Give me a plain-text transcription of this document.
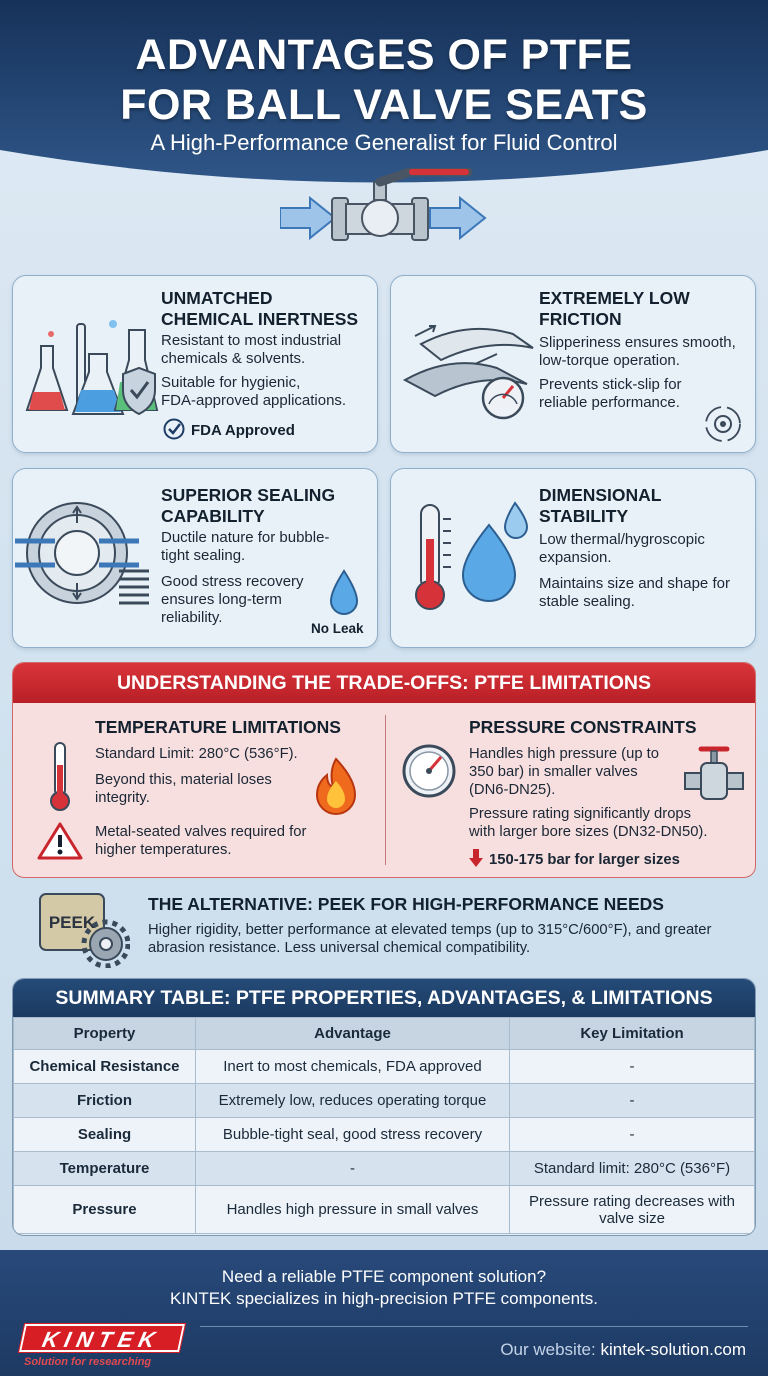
ADVANTAGES OF PTFE
FOR BALL VALVE SEATS
A High-Performance Generalist for Fluid Control
UNMATCHED
CHEMICAL INERTNESS

Resistant to most industrial
chemicals & solvents.

Suitable for hygienic,
FDA-approved applications.

FDA Approved
EXTREMELY LOW
FRICTION

Slipperiness ensures smooth,
low-torque operation.

Prevents stick-slip for
reliable performance.

SUPERIOR SEALING
CAPABILITY

Ductile nature for bubble-
tight sealing.

Good stress recovery
ensures long-term
reliability.

No Leak
DIMENSIONAL
STABILITY

Low thermal/hygroscopic
expansion.

Maintains size and shape for
stable sealing.

UNDERSTANDING THE TRADE-OFFS: PTFE LIMITATIONS
TEMPERATURE LIMITATIONS

Standard Limit: 280°C (536°F).

Beyond this, material loses
integrity.

Metal-seated valves required for
higher temperatures.

PRESSURE CONSTRAINTS

Handles high pressure (up to
350 bar) in smaller valves
(DN6-DN25).

Pressure rating significantly drops
with larger bore sizes (DN32-DN50).

150-175 bar for larger sizes

PEEK
THE ALTERNATIVE: PEEK FOR HIGH-PERFORMANCE NEEDS
Higher rigidity, better performance at elevated temps (up to 315°C/600°F), and greater abrasion resistance. Less universal chemical compatibility.
SUMMARY TABLE: PTFE PROPERTIES, ADVANTAGES, & LIMITATIONS
Property	Advantage	Key Limitation
Chemical Resistance	Inert to most chemicals, FDA approved	-
Friction	Extremely low, reduces operating torque	-
Sealing	Bubble-tight seal, good stress recovery	-
Temperature	-	Standard limit: 280°C (536°F)
Pressure	Handles high pressure in small valves	Pressure rating decreases with valve size
Need a reliable PTFE component solution?
KINTEK specializes in high-precision PTFE components.
KINTEK
Solution for researching
Our website: kintek-solution.com
